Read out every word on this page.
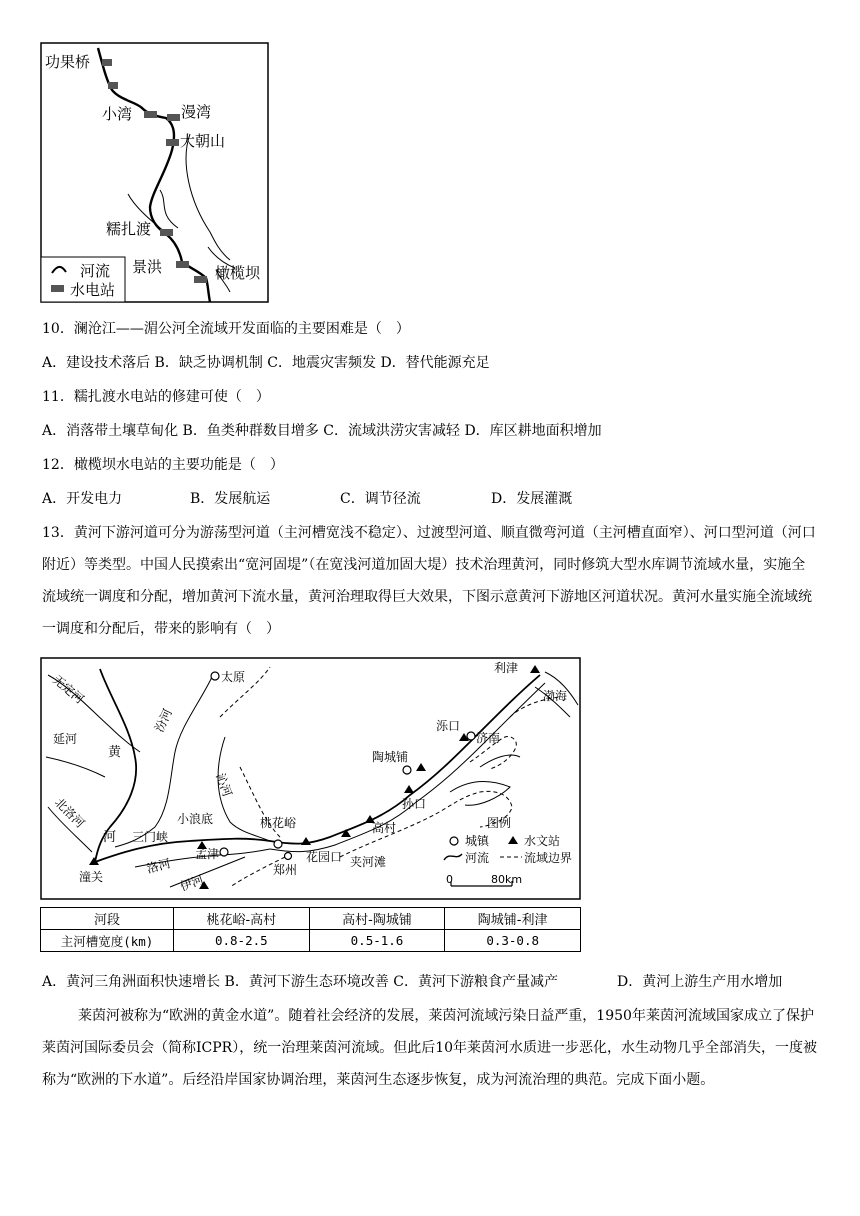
功果桥
小湾	漫湾
大朝山
糯扎渡
景洪	橄榄坝
河流
水电站
10．澜沧江——湄公河全流域开发面临的主要困难是（　）
A．建设技术落后 B．缺乏协调机制 C．地震灾害频发 D．替代能源充足
11．糯扎渡水电站的修建可使（　）
A．消落带土壤草甸化 B．鱼类种群数目增多 C．流域洪涝灾害减轻 D．库区耕地面积增加
12．橄榄坝水电站的主要功能是（　）
A．开发电力	B．发展航运	C．调节径流	D．发展灌溉
13．黄河下游河道可分为游荡型河道（主河槽宽浅不稳定）、过渡型河道、顺直微弯河道（主河槽直面窄）、河口型河道（河口附近）等类型。中国人民摸索出“宽河固堤”（在宽浅河道加固大堤）技术治理黄河，同时修筑大型水库调节流域水量，实施全流域统一调度和分配，增加黄河下流水量，黄河治理取得巨大效果，下图示意黄河下游地区河道状况。黄河水量实施全流域统一调度和分配后，带来的影响有（　）
太原
利津
渤海
无定河
延河
汾河
黄
河
北洛河
沁河
小浪底
三门峡
孟津
洛河
伊河
桃花峪
郑州
花园口 夹河滩
高村
孙口
陶城铺
泺口
济南
潼关
图例
城镇	水文站
河流	流域边界
0	80km
河段	桃花峪-高村	高村-陶城铺	陶城铺-利津
主河槽宽度(km)	0.8-2.5	0.5-1.6	0.3-0.8
A．黄河三角洲面积快速增长 B．黄河下游生态环境改善 C．黄河下游粮食产量减产	D．黄河上游生产用水增加
莱茵河被称为“欧洲的黄金水道”。随着社会经济的发展，莱茵河流域污染日益严重，1950年莱茵河流域国家成立了保护莱茵河国际委员会（简称ICPR），统一治理莱茵河流域。但此后10年莱茵河水质进一步恶化，水生动物几乎全部消失，一度被称为“欧洲的下水道”。后经沿岸国家协调治理，莱茵河生态逐步恢复，成为河流治理的典范。完成下面小题。
